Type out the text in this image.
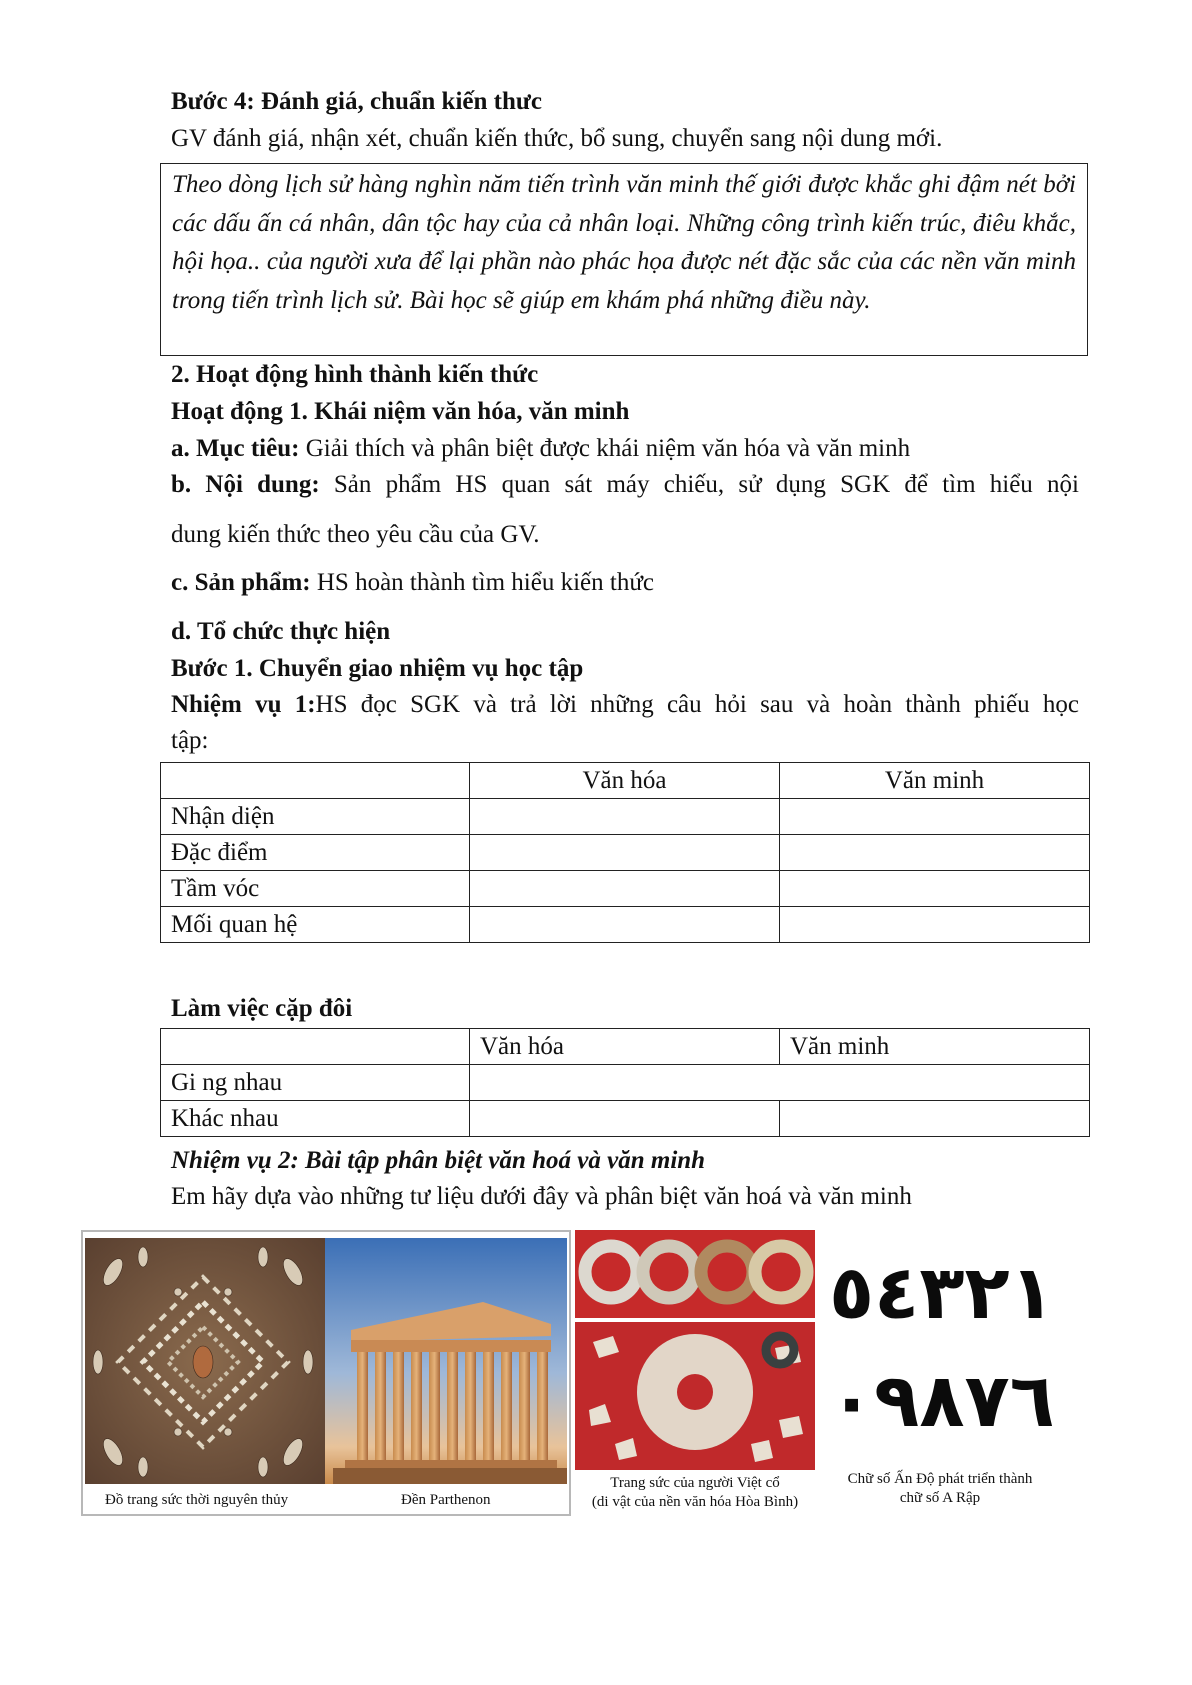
Bước 4: Đánh giá, chuẩn kiến thưc
GV đánh giá, nhận xét, chuẩn kiến thức, bổ sung, chuyển sang nội dung mới.

Theo dòng lịch sử hàng nghìn năm tiến trình văn minh thế giới được khắc ghi đậm nét bởi các dấu ấn cá nhân, dân tộc hay của cả nhân loại. Những công trình kiến trúc, điêu khắc, hội họa.. của người xưa để lại phần nào phác họa được nét đặc sắc của các nền văn minh trong tiến trình lịch sử. Bài học sẽ giúp em khám phá những điều này.

2. Hoạt động hình thành kiến thức
Hoạt động 1. Khái niệm văn hóa, văn minh
a. Mục tiêu: Giải thích và phân biệt được khái niệm văn hóa và văn minh
b. Nội dung: Sản phẩm HS quan sát máy chiếu, sử dụng SGK để tìm hiểu nội
dung kiến thức theo yêu cầu của GV.
c. Sản phẩm: HS hoàn thành tìm hiểu kiến thức
d. Tổ chức thực hiện
Bước 1. Chuyển giao nhiệm vụ học tập
Nhiệm vụ 1:HS đọc SGK và trả lời những câu hỏi sau và hoàn thành phiếu học
tập:
	Văn hóa	Văn minh
Nhận diện		
Đặc điểm		
Tầm vóc		
Mối quan hệ		
Làm việc cặp đôi
	Văn hóa	Văn minh
Gi ng nhau		
Khác nhau		
Nhiệm vụ 2: Bài tập phân biệt văn hoá và văn minh
Em hãy dựa vào những tư liệu dưới đây và phân biệt văn hoá và văn minh
Đồ trang sức thời nguyên thủy	Đền Parthenon
Trang sức của người Việt cổ
(di vật của nền văn hóa Hòa Bình)
٥٤٣٢١
٠٩٨٧٦
Chữ số Ấn Độ phát triển thành
chữ số A Rập
